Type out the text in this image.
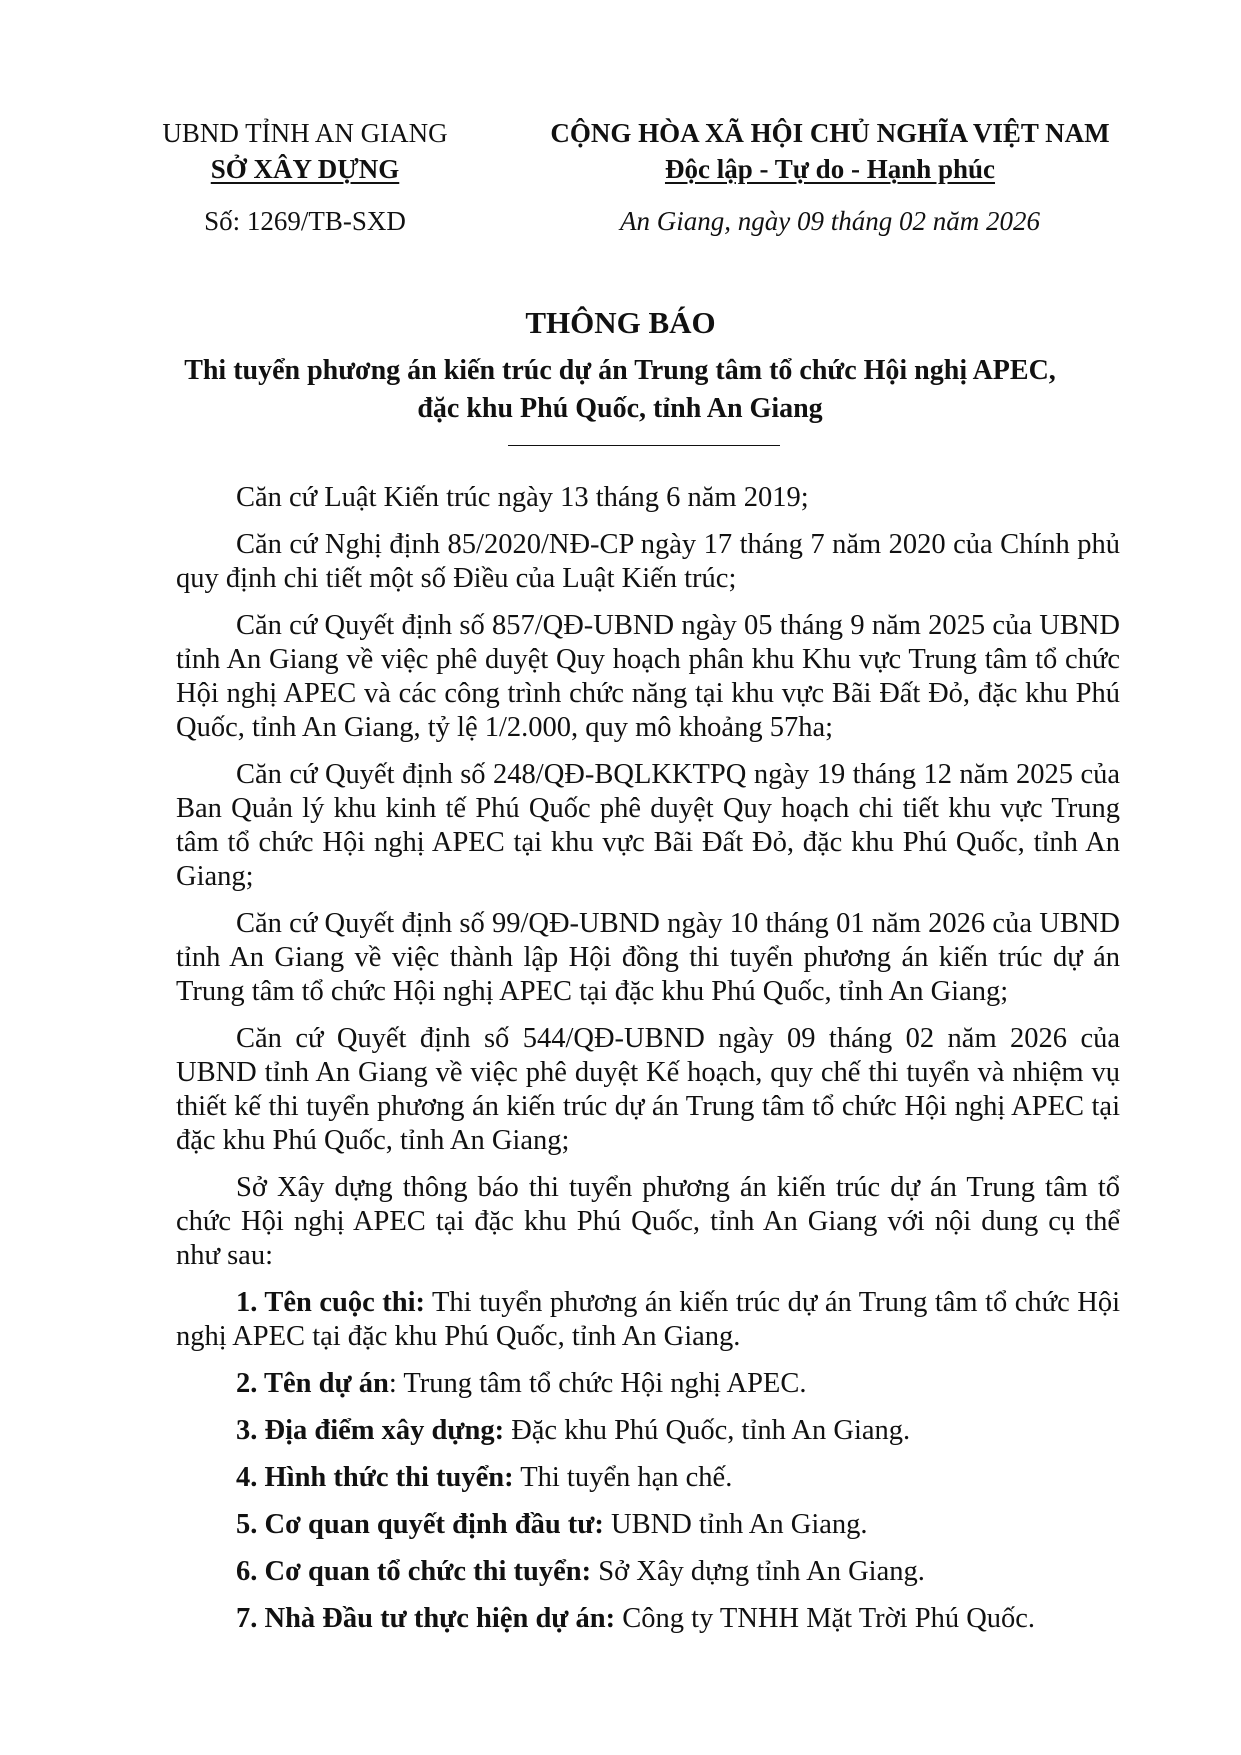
UBND TỈNH AN GIANG
SỞ XÂY DỰNG
Số: 1269/TB-SXD
CỘNG HÒA XÃ HỘI CHỦ NGHĨA VIỆT NAM
Độc lập - Tự do - Hạnh phúc
An Giang, ngày 09 tháng 02 năm 2026
THÔNG BÁO
Thi tuyển phương án kiến trúc dự án Trung tâm tổ chức Hội nghị APEC,
đặc khu Phú Quốc, tỉnh An Giang

Căn cứ Luật Kiến trúc ngày 13 tháng 6 năm 2019;

Căn cứ Nghị định 85/2020/NĐ-CP ngày 17 tháng 7 năm 2020 của Chính phủ quy định chi tiết một số Điều của Luật Kiến trúc;

Căn cứ Quyết định số 857/QĐ-UBND ngày 05 tháng 9 năm 2025 của UBND tỉnh An Giang về việc phê duyệt Quy hoạch phân khu Khu vực Trung tâm tổ chức Hội nghị APEC và các công trình chức năng tại khu vực Bãi Đất Đỏ, đặc khu Phú Quốc, tỉnh An Giang, tỷ lệ 1/2.000, quy mô khoảng 57ha;

Căn cứ Quyết định số 248/QĐ-BQLKKTPQ ngày 19 tháng 12 năm 2025 của Ban Quản lý khu kinh tế Phú Quốc phê duyệt Quy hoạch chi tiết khu vực Trung tâm tổ chức Hội nghị APEC tại khu vực Bãi Đất Đỏ, đặc khu Phú Quốc, tỉnh An Giang;

Căn cứ Quyết định số 99/QĐ-UBND ngày 10 tháng 01 năm 2026 của UBND tỉnh An Giang về việc thành lập Hội đồng thi tuyển phương án kiến trúc dự án Trung tâm tổ chức Hội nghị APEC tại đặc khu Phú Quốc, tỉnh An Giang;

Căn cứ Quyết định số 544/QĐ-UBND ngày 09 tháng 02 năm 2026 của UBND tỉnh An Giang về việc phê duyệt Kế hoạch, quy chế thi tuyển và nhiệm vụ thiết kế thi tuyển phương án kiến trúc dự án Trung tâm tổ chức Hội nghị APEC tại đặc khu Phú Quốc, tỉnh An Giang;

Sở Xây dựng thông báo thi tuyển phương án kiến trúc dự án Trung tâm tổ chức Hội nghị APEC tại đặc khu Phú Quốc, tỉnh An Giang với nội dung cụ thể như sau:

1. Tên cuộc thi: Thi tuyển phương án kiến trúc dự án Trung tâm tổ chức Hội nghị APEC tại đặc khu Phú Quốc, tỉnh An Giang.

2. Tên dự án: Trung tâm tổ chức Hội nghị APEC.

3. Địa điểm xây dựng: Đặc khu Phú Quốc, tỉnh An Giang.

4. Hình thức thi tuyển: Thi tuyển hạn chế.

5. Cơ quan quyết định đầu tư: UBND tỉnh An Giang.

6. Cơ quan tổ chức thi tuyển: Sở Xây dựng tỉnh An Giang.

7. Nhà Đầu tư thực hiện dự án: Công ty TNHH Mặt Trời Phú Quốc.
